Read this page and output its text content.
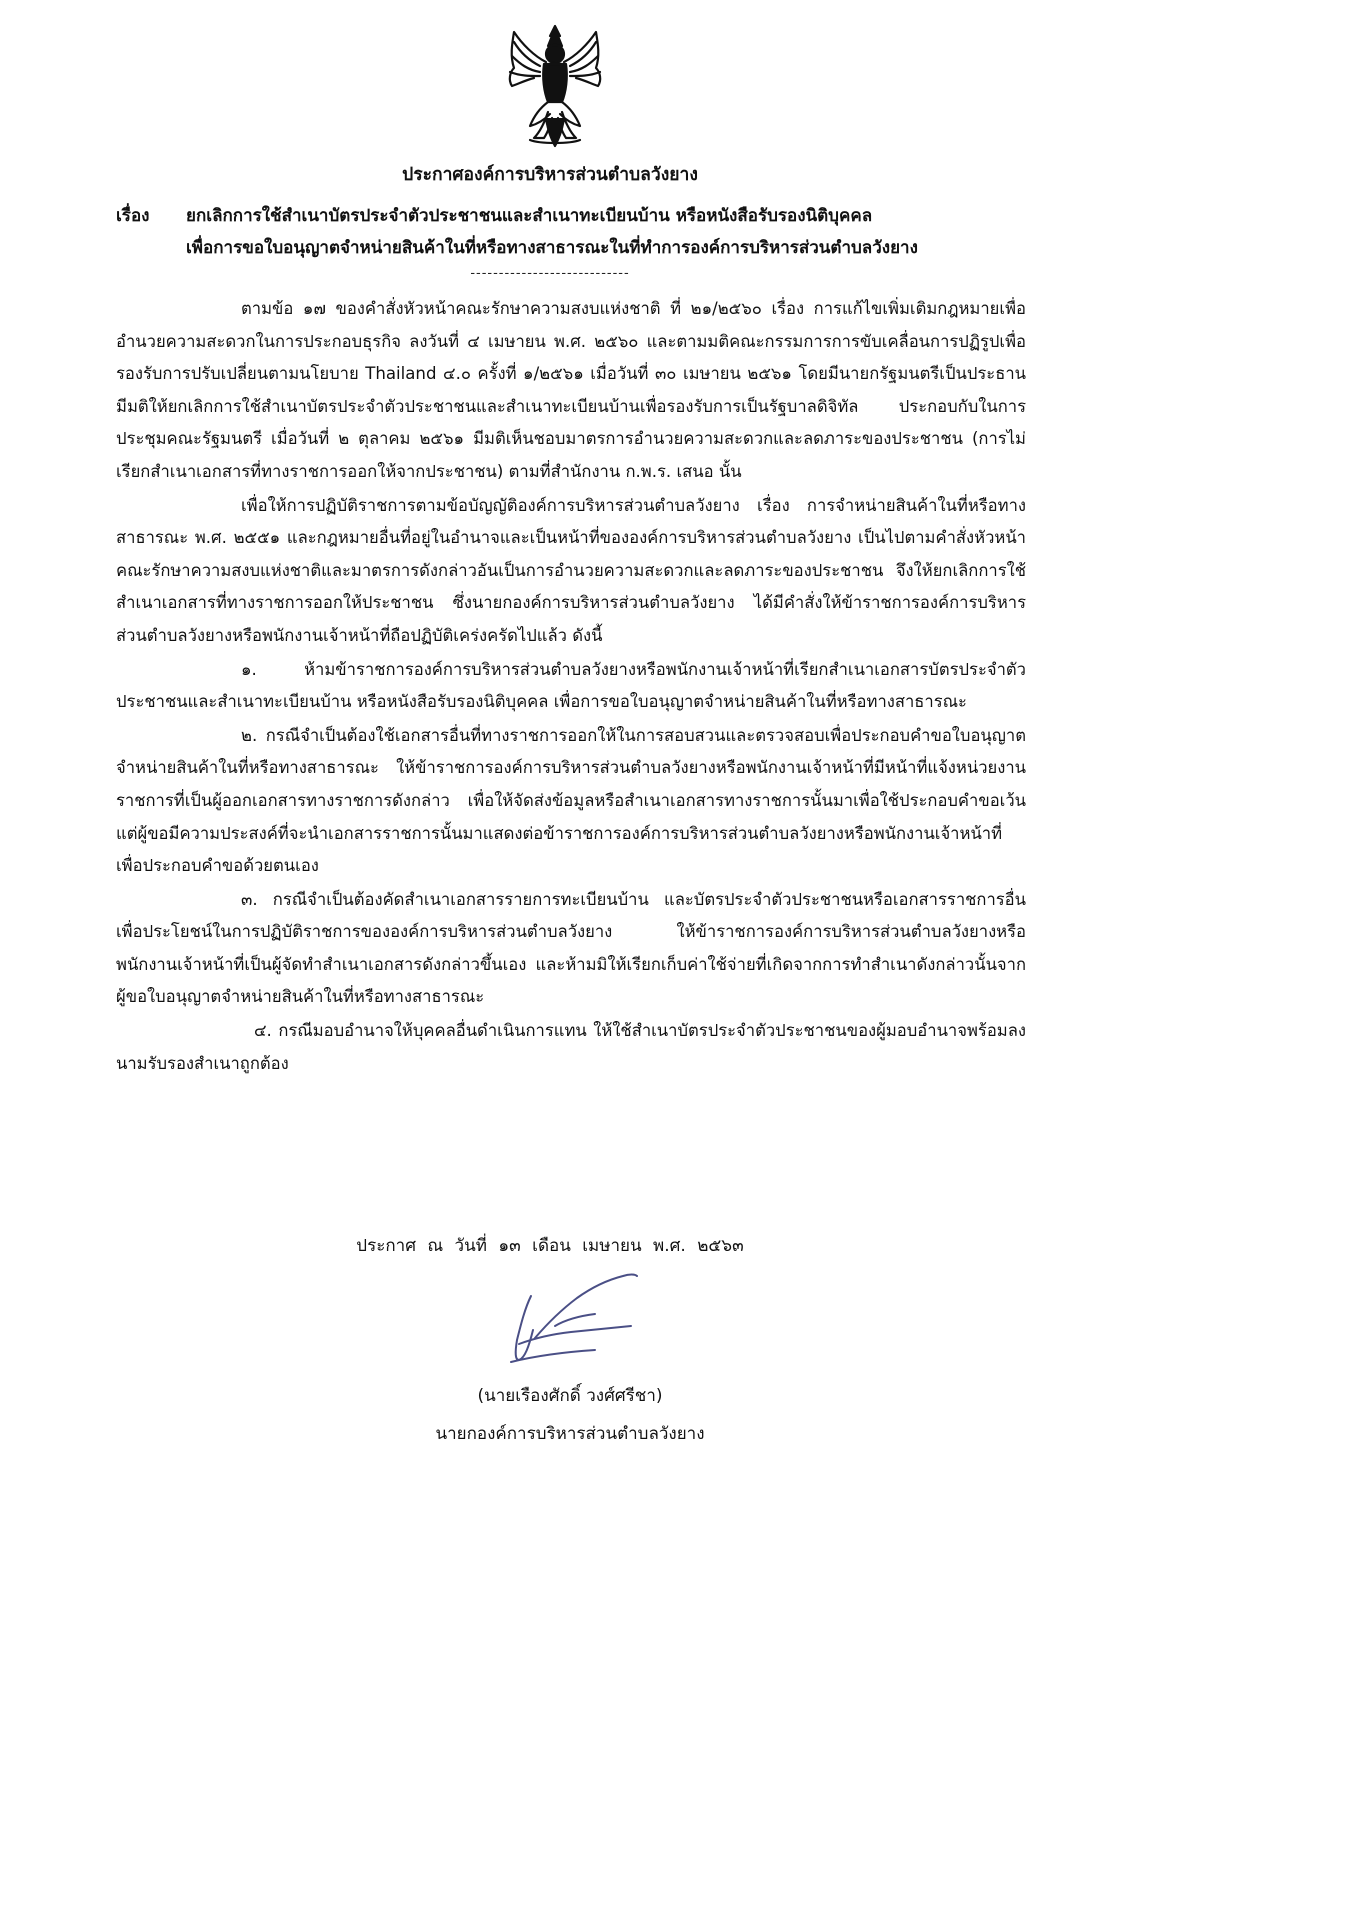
ประกาศองค์การบริหารส่วนตำบลวังยาง
เรื่อง ยกเลิกการใช้สำเนาบัตรประจำตัวประชาชนและสำเนาทะเบียนบ้าน หรือหนังสือรับรองนิติบุคคล
เพื่อการขอใบอนุญาตจำหน่ายสินค้าในที่หรือทางสาธารณะในที่ทำการองค์การบริหารส่วนตำบลวังยาง
----------------------------

ตามข้อ ๑๗ ของคำสั่งหัวหน้าคณะรักษาความสงบแห่งชาติ ที่ ๒๑/๒๕๖๐ เรื่อง การแก้ไขเพิ่มเติมกฎหมายเพื่ออำนวยความสะดวกในการประกอบธุรกิจ ลงวันที่ ๔ เมษายน พ.ศ. ๒๕๖๐ และตามมติคณะกรรมการการขับเคลื่อนการปฏิรูปเพื่อรองรับการปรับเปลี่ยนตามนโยบาย Thailand ๔.๐ ครั้งที่ ๑/๒๕๖๑ เมื่อวันที่ ๓๐ เมษายน ๒๕๖๑ โดยมีนายกรัฐมนตรีเป็นประธาน มีมติให้ยกเลิกการใช้สำเนาบัตรประจำตัวประชาชนและสำเนาทะเบียนบ้านเพื่อรองรับการเป็นรัฐบาลดิจิทัล ประกอบกับในการประชุมคณะรัฐมนตรี เมื่อวันที่ ๒ ตุลาคม ๒๕๖๑ มีมติเห็นชอบมาตรการอำนวยความสะดวกและลดภาระของประชาชน (การไม่เรียกสำเนาเอกสารที่ทางราชการออกให้จากประชาชน) ตามที่สำนักงาน ก.พ.ร. เสนอ นั้น

เพื่อให้การปฏิบัติราชการตามข้อบัญญัติองค์การบริหารส่วนตำบลวังยาง เรื่อง การจำหน่ายสินค้าในที่หรือทางสาธารณะ พ.ศ. ๒๕๕๑ และกฎหมายอื่นที่อยู่ในอำนาจและเป็นหน้าที่ขององค์การบริหารส่วนตำบลวังยาง เป็นไปตามคำสั่งหัวหน้าคณะรักษาความสงบแห่งชาติและมาตรการดังกล่าวอันเป็นการอำนวยความสะดวกและลดภาระของประชาชน จึงให้ยกเลิกการใช้สำเนาเอกสารที่ทางราชการออกให้ประชาชน ซึ่งนายกองค์การบริหารส่วนตำบลวังยาง ได้มีคำสั่งให้ข้าราชการองค์การบริหารส่วนตำบลวังยางหรือพนักงานเจ้าหน้าที่ถือปฏิบัติเคร่งครัดไปแล้ว ดังนี้

๑. ห้ามข้าราชการองค์การบริหารส่วนตำบลวังยางหรือพนักงานเจ้าหน้าที่เรียกสำเนาเอกสารบัตรประจำตัวประชาชนและสำเนาทะเบียนบ้าน หรือหนังสือรับรองนิติบุคคล เพื่อการขอใบอนุญาตจำหน่ายสินค้าในที่หรือทางสาธารณะ

๒. กรณีจำเป็นต้องใช้เอกสารอื่นที่ทางราชการออกให้ในการสอบสวนและตรวจสอบเพื่อประกอบคำขอใบอนุญาตจำหน่ายสินค้าในที่หรือทางสาธารณะ ให้ข้าราชการองค์การบริหารส่วนตำบลวังยางหรือพนักงานเจ้าหน้าที่มีหน้าที่แจ้งหน่วยงานราชการที่เป็นผู้ออกเอกสารทางราชการดังกล่าว เพื่อให้จัดส่งข้อมูลหรือสำเนาเอกสารทางราชการนั้นมาเพื่อใช้ประกอบคำขอเว้นแต่ผู้ขอมีความประสงค์ที่จะนำเอกสารราชการนั้นมาแสดงต่อข้าราชการองค์การบริหารส่วนตำบลวังยางหรือพนักงานเจ้าหน้าที่เพื่อประกอบคำขอด้วยตนเอง

๓. กรณีจำเป็นต้องคัดสำเนาเอกสารรายการทะเบียนบ้าน และบัตรประจำตัวประชาชนหรือเอกสารราชการอื่นเพื่อประโยชน์ในการปฏิบัติราชการขององค์การบริหารส่วนตำบลวังยาง ให้ข้าราชการองค์การบริหารส่วนตำบลวังยางหรือพนักงานเจ้าหน้าที่เป็นผู้จัดทำสำเนาเอกสารดังกล่าวขึ้นเอง และห้ามมิให้เรียกเก็บค่าใช้จ่ายที่เกิดจากการทำสำเนาดังกล่าวนั้นจากผู้ขอใบอนุญาตจำหน่ายสินค้าในที่หรือทางสาธารณะ

๔. กรณีมอบอำนาจให้บุคคลอื่นดำเนินการแทน ให้ใช้สำเนาบัตรประจำตัวประชาชนของผู้มอบอำนาจพร้อมลงนามรับรองสำเนาถูกต้อง

ประกาศ ณ วันที่ ๑๓ เดือน เมษายน พ.ศ. ๒๕๖๓
(นายเรืองศักดิ์ วงศ์ศรีชา)
นายกองค์การบริหารส่วนตำบลวังยาง
